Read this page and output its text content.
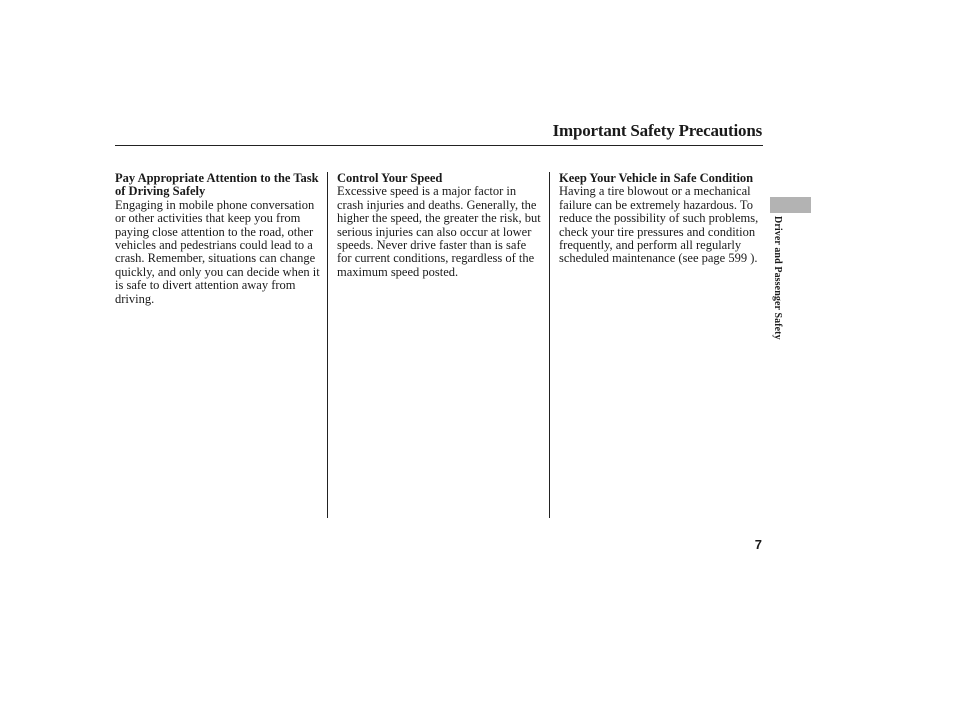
Important Safety Precautions
Pay Appropriate Attention to the Task of Driving Safely

Engaging in mobile phone conversation or other activities that keep you from paying close attention to the road, other vehicles and pedestrians could lead to a crash. Remember, situations can change quickly, and only you can decide when it is safe to divert attention away from driving.

Control Your Speed

Excessive speed is a major factor in crash injuries and deaths. Generally, the higher the speed, the greater the risk, but serious injuries can also occur at lower speeds. Never drive faster than is safe for current conditions, regardless of the maximum speed posted.

Keep Your Vehicle in Safe Condition

Having a tire blowout or a mechanical failure can be extremely hazardous. To reduce the possibility of such problems, check your tire pressures and condition frequently, and perform all regularly scheduled maintenance (see page 599 ).	Driver and Passenger Safety
7
